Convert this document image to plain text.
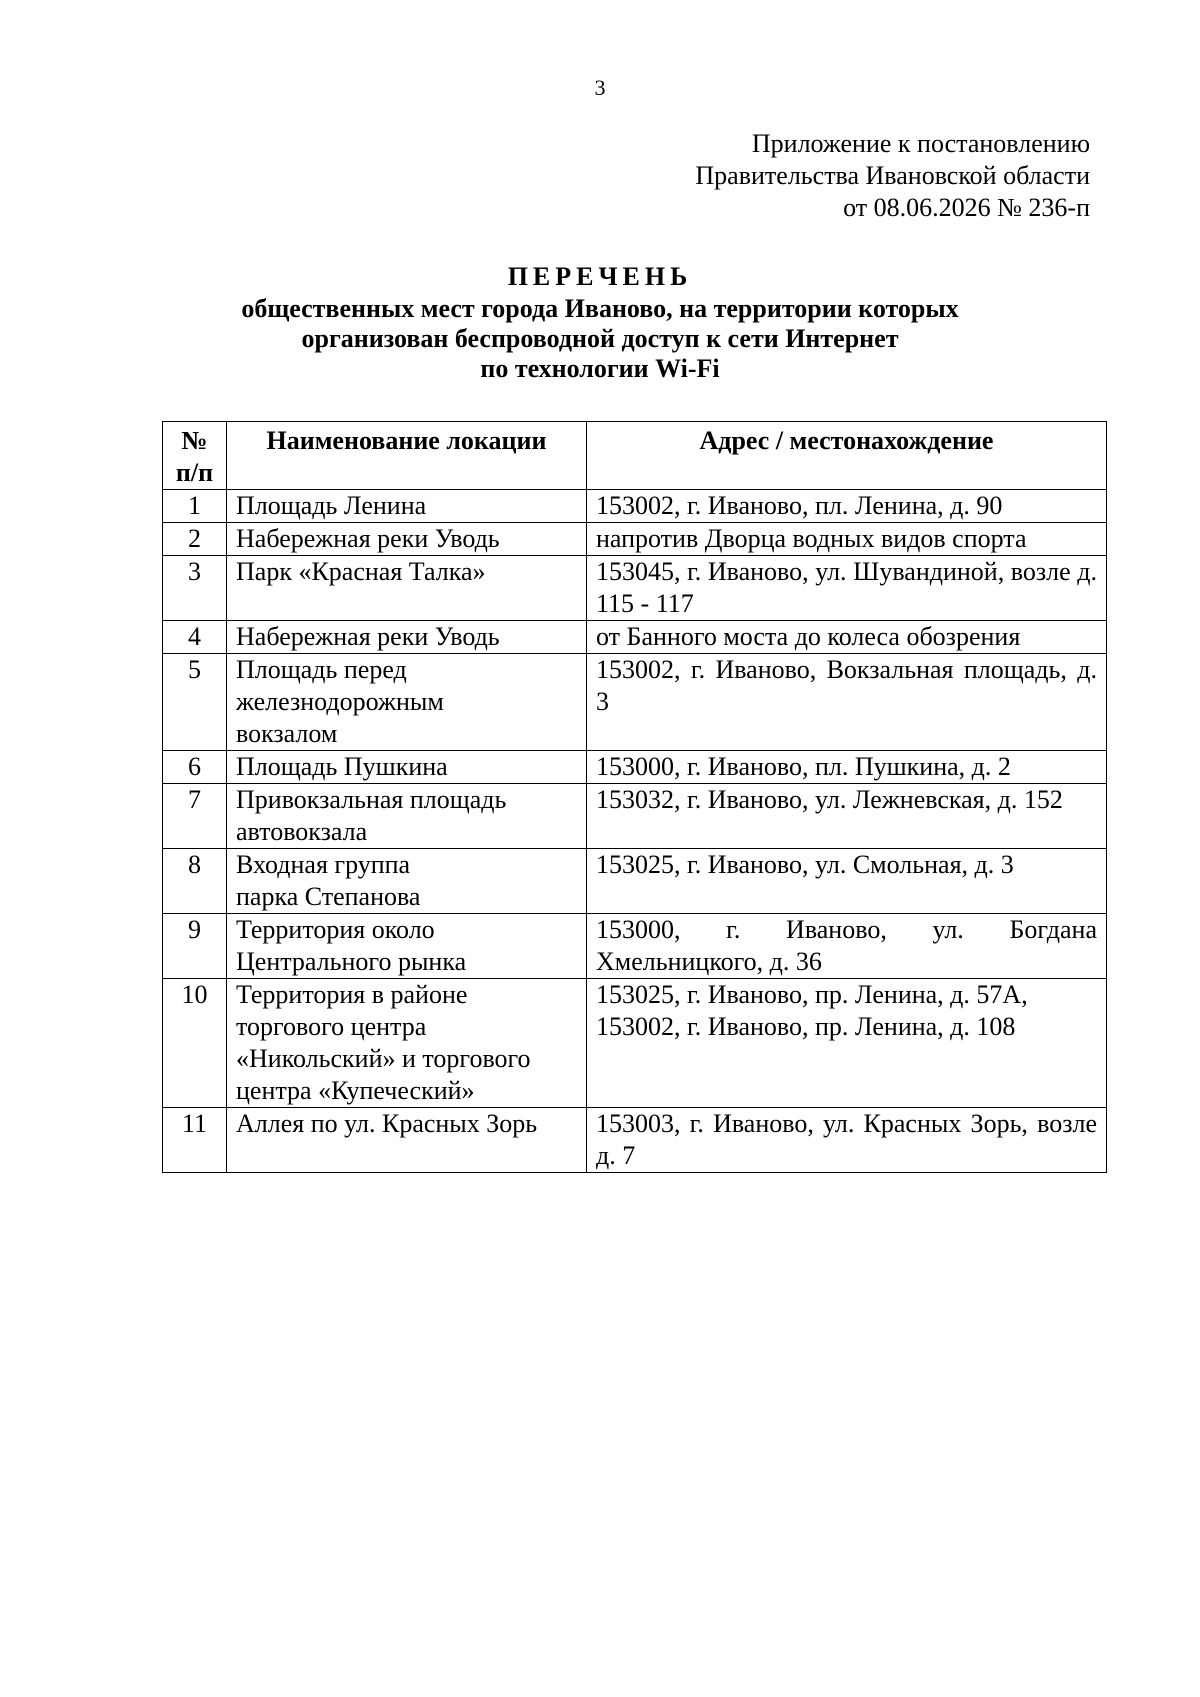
3
Приложение к постановлению
Правительства Ивановской области
от 08.06.2026 № 236-п
ПЕРЕЧЕНЬ
общественных мест города Иваново, на территории которых
организован беспроводной доступ к сети Интернет
по технологии Wi-Fi
№
п/п	Наименование локации	Адрес / местонахождение
1	Площадь Ленина	153002, г. Иваново, пл. Ленина, д. 90

2	Набережная реки Уводь	напротив Дворца водных видов спорта

3	Парк «Красная Талка»	153045, г. Иваново, ул. Шувандиной, возле д. 115 - 117

4	Набережная реки Уводь	от Банного моста до колеса обозрения

5	Площадь перед
железнодорожным
вокзалом	153002, г. Иваново, Вокзальная площадь, д. 3

6	Площадь Пушкина	153000, г. Иваново, пл. Пушкина, д. 2

7	Привокзальная площадь
автовокзала	153032, г. Иваново, ул. Лежневская, д. 152

8	Входная группа
парка Степанова	153025, г. Иваново, ул. Смольная, д. 3

9	Территория около
Центрального рынка	153000, г. Иваново, ул. Богдана Хмельницкого, д. 36

10	Территория в районе
торгового центра
«Никольский» и торгового
центра «Купеческий»	153025, г. Иваново, пр. Ленина, д. 57А,
153002, г. Иваново, пр. Ленина, д. 108

11	Аллея по ул. Красных Зорь	153003, г. Иваново, ул. Красных Зорь, возле д. 7
